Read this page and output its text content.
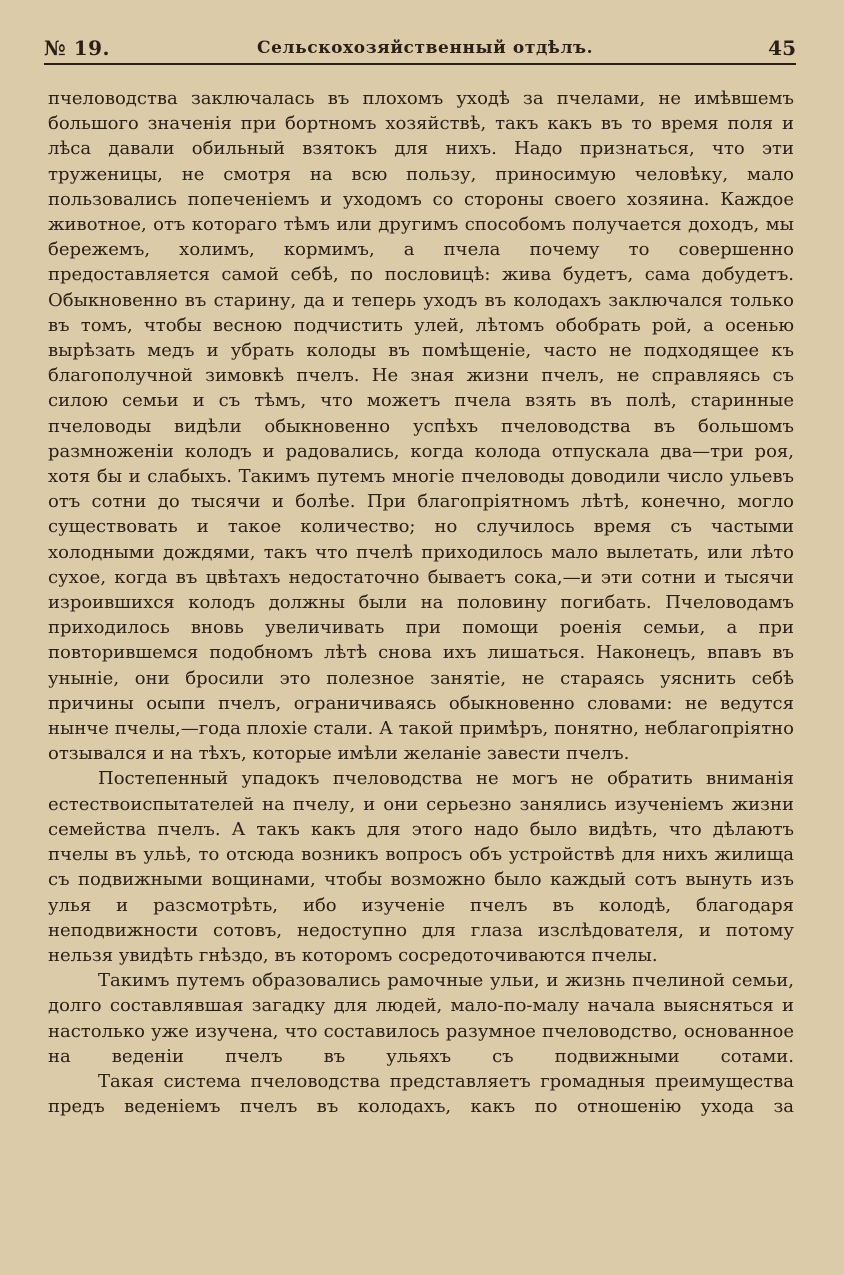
№ 19.	Сельскохозяйственный отдѣлъ.	45

пчеловодства заключалась въ плохомъ уходѣ за пчелами, не имѣвшемъ большого значенія при бортномъ хозяйствѣ, такъ какъ въ то время поля и лѣса давали обильный взятокъ для нихъ. Надо признаться, что эти труженицы, не смотря на всю пользу, приносимую человѣку, мало пользовались попеченіемъ и уходомъ со стороны своего хозяина. Каждое животное, отъ котораго тѣмъ или другимъ способомъ получается доходъ, мы бережемъ, холимъ, кормимъ, а пчела почему то совершенно предоставляется самой себѣ, по пословицѣ: жива будетъ, сама добудетъ. Обыкновенно въ старину, да и теперь уходъ въ колодахъ заключался только въ томъ, чтобы весною подчистить улей, лѣтомъ обобрать рой, а осенью вырѣзать медъ и убрать колоды въ помѣщеніе, часто не подходящее къ благополучной зимовкѣ пчелъ. Не зная жизни пчелъ, не справляясь съ силою семьи и съ тѣмъ, что можетъ пчела взять въ полѣ, старинные пчеловоды видѣли обыкновенно успѣхъ пчеловодства въ большомъ размноженіи колодъ и радовались, когда колода отпускала два—три роя, хотя бы и слабыхъ. Такимъ путемъ многіе пчеловоды доводили число ульевъ отъ сотни до тысячи и болѣе. При благопріятномъ лѣтѣ, конечно, могло существовать и такое количество; но случилось время съ частыми холодными дождями, такъ что пчелѣ приходилось мало вылетать, или лѣто сухое, когда въ цвѣтахъ недостаточно бываетъ сока,—и эти сотни и тысячи изроившихся колодъ должны были на половину погибать. Пчеловодамъ приходилось вновь увеличивать при помощи роенія семьи, а при повторившемся подобномъ лѣтѣ снова ихъ лишаться. Наконецъ, впавъ въ уныніе, они бросили это полезное занятіе, не стараясь уяснить себѣ причины осыпи пчелъ, ограничиваясь обыкновенно словами: не ведутся нынче пчелы,—года плохіе стали. А такой примѣръ, понятно, неблагопріятно отзывался и на тѣхъ, которые имѣли желаніе завести пчелъ.

Постепенный упадокъ пчеловодства не могъ не обратить вниманія естествоиспытателей на пчелу, и они серьезно занялись изученіемъ жизни семейства пчелъ. А такъ какъ для этого надо было видѣть, что дѣлаютъ пчелы въ ульѣ, то отсюда возникъ вопросъ объ устройствѣ для нихъ жилища съ подвижными вощинами, чтобы возможно было каждый сотъ вынуть изъ улья и разсмотрѣть, ибо изученіе пчелъ въ колодѣ, благодаря неподвижности сотовъ, недоступно для глаза изслѣдователя, и потому нельзя увидѣть гнѣздо, въ которомъ сосредоточиваются пчелы.

Такимъ путемъ образовались рамочные ульи, и жизнь пчелиной семьи, долго составлявшая загадку для людей, мало-по-малу начала выясняться и настолько уже изучена, что составилось разумное пчеловодство, основанное на веденіи пчелъ въ ульяхъ съ подвижными сотами.

Такая система пчеловодства представляетъ громадныя преимущества предъ веденіемъ пчелъ въ колодахъ, какъ по отношенію ухода за
